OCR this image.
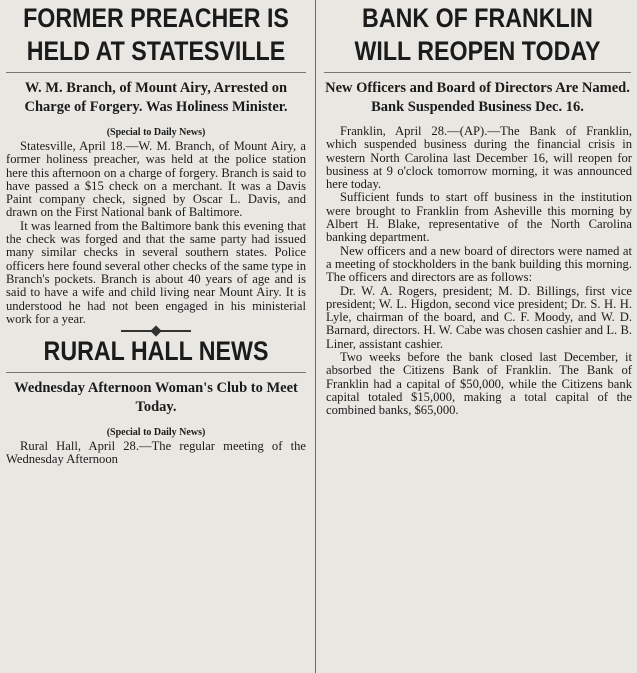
FORMER PREACHER IS
HELD AT STATESVILLE
W. M. Branch, of Mount Airy, Arrested on Charge of Forgery. Was Holiness Minister.
(Special to Daily News)

Statesville, April 18.—W. M. Branch, of Mount Airy, a former holiness preacher, was held at the police station here this afternoon on a charge of forgery. Branch is said to have passed a $15 check on a merchant. It was a Davis Paint company check, signed by Oscar L. Davis, and drawn on the First National bank of Baltimore.

It was learned from the Baltimore bank this evening that the check was forged and that the same party had issued many similar checks in several southern states. Police officers here found several other checks of the same type in Branch's pockets. Branch is about 40 years of age and is said to have a wife and child living near Mount Airy. It is understood he had not been engaged in his ministerial work for a year.

RURAL HALL NEWS
Wednesday Afternoon Woman's Club to Meet Today.
(Special to Daily News)

Rural Hall, April 28.—The regular meeting of the Wednesday Afternoon

BANK OF FRANKLIN
WILL REOPEN TODAY
New Officers and Board of Directors Are Named. Bank Suspended Business Dec. 16.

Franklin, April 28.—(AP).—The Bank of Franklin, which suspended business during the financial crisis in western North Carolina last December 16, will reopen for business at 9 o'clock tomorrow morning, it was announced here today.

Sufficient funds to start off business in the institution were brought to Franklin from Asheville this morning by Albert H. Blake, representative of the North Carolina banking department.

New officers and a new board of directors were named at a meeting of stockholders in the bank building this morning. The officers and directors are as follows:

Dr. W. A. Rogers, president; M. D. Billings, first vice president; W. L. Higdon, second vice president; Dr. S. H. H. Lyle, chairman of the board, and C. F. Moody, and W. D. Barnard, directors. H. W. Cabe was chosen cashier and L. B. Liner, assistant cashier.

Two weeks before the bank closed last December, it absorbed the Citizens Bank of Franklin. The Bank of Franklin had a capital of $50,000, while the Citizens bank capital totaled $15,000, making a total capital of the combined banks, $65,000.
